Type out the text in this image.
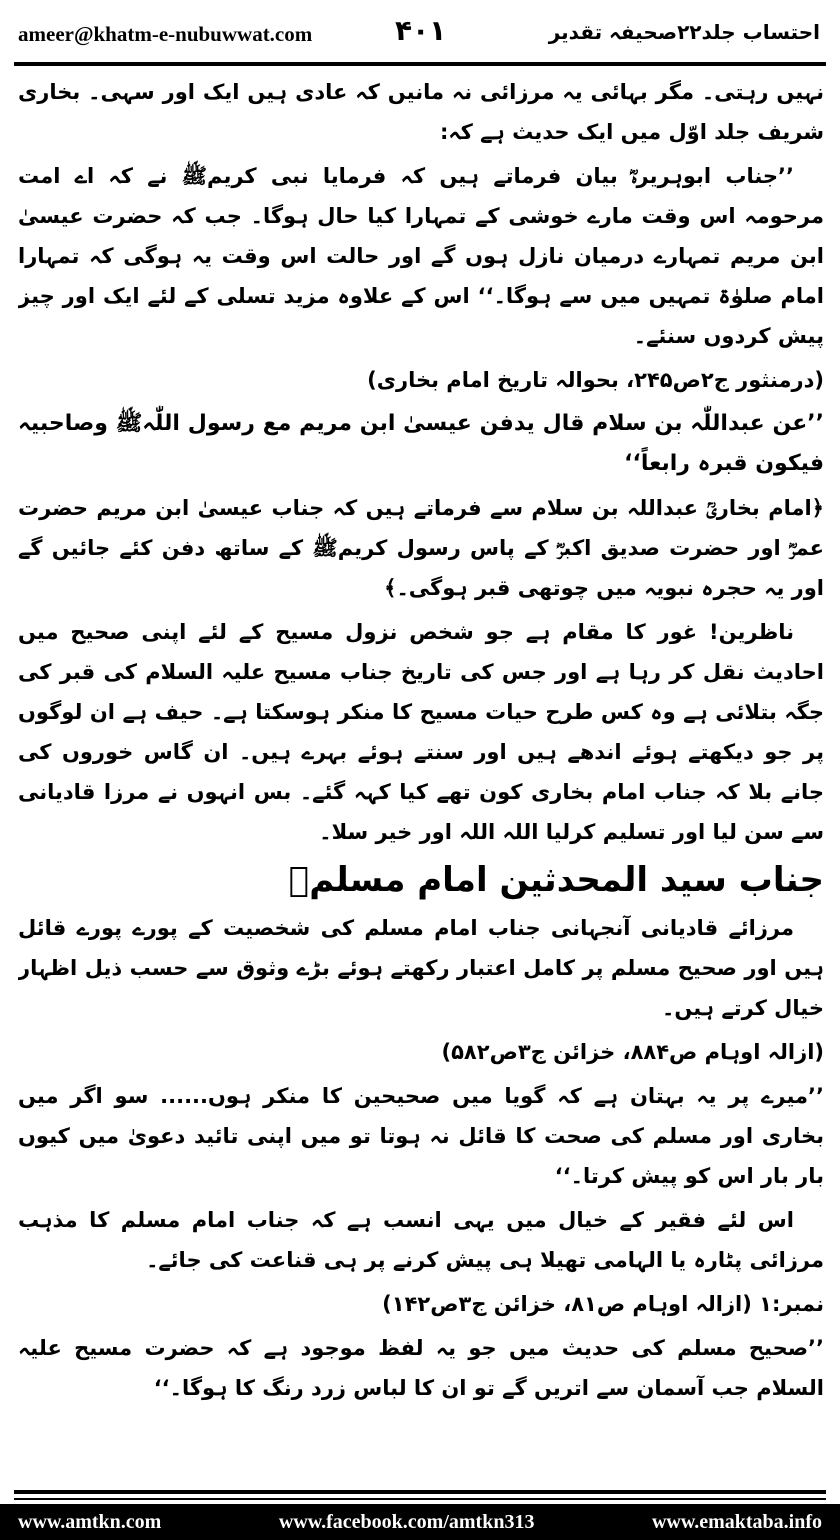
ameer@khatm-e-nubuwwat.com	۴۰۱	احتساب جلد۲۲صحیفہ تقدیر

نہیں رہتی۔ مگر بہائی یہ مرزائی نہ مانیں کہ عادی ہیں ایک اور سہی۔ بخاری شریف جلد اوّل میں ایک حدیث ہے کہ:

’’جناب ابوہریرہؓ بیان فرماتے ہیں کہ فرمایا نبی کریمﷺ نے کہ اے امت مرحومہ اس وقت مارے خوشی کے تمہارا کیا حال ہوگا۔ جب کہ حضرت عیسیٰ ابن مریم تمہارے درمیان نازل ہوں گے اور حالت اس وقت یہ ہوگی کہ تمہارا امام صلوٰۃ تمہیں میں سے ہوگا۔‘‘ اس کے علاوہ مزید تسلی کے لئے ایک اور چیز پیش کردوں سنئے۔

(درمنثور ج۲ص۲۴۵، بحوالہ تاریخ امام بخاری)

’’عن عبداللّٰہ بن سلام قال یدفن عیسیٰ ابن مریم مع رسول اللّٰہﷺ وصاحبیہ فیکون قبرہ رابعاً‘‘

﴿امام بخاریؒ عبداللہ بن سلام سے فرماتے ہیں کہ جناب عیسیٰ ابن مریم حضرت عمرؓ اور حضرت صدیق اکبرؓ کے پاس رسول کریمﷺ کے ساتھ دفن کئے جائیں گے اور یہ حجرہ نبویہ میں چوتھی قبر ہوگی۔﴾

ناظرین! غور کا مقام ہے جو شخص نزول مسیح کے لئے اپنی صحیح میں احادیث نقل کر رہا ہے اور جس کی تاریخ جناب مسیح علیہ السلام کی قبر کی جگہ بتلائی ہے وہ کس طرح حیات مسیح کا منکر ہوسکتا ہے۔ حیف ہے ان لوگوں پر جو دیکھتے ہوئے اندھے ہیں اور سنتے ہوئے بہرے ہیں۔ ان گاس خوروں کی جانے بلا کہ جناب امام بخاری کون تھے کیا کہہ گئے۔ بس انہوں نے مرزا قادیانی سے سن لیا اور تسلیم کرلیا اللہ اللہ اور خیر سلا۔

جناب سید المحدثین امام مسلمؒ

مرزائے قادیانی آنجہانی جناب امام مسلم کی شخصیت کے پورے پورے قائل ہیں اور صحیح مسلم پر کامل اعتبار رکھتے ہوئے بڑے وثوق سے حسب ذیل اظہار خیال کرتے ہیں۔

(ازالہ اوہام ص۸۸۴، خزائن ج۳ص۵۸۲)

’’میرے پر یہ بہتان ہے کہ گویا میں صحیحین کا منکر ہوں...... سو اگر میں بخاری اور مسلم کی صحت کا قائل نہ ہوتا تو میں اپنی تائید دعویٰ میں کیوں بار بار اس کو پیش کرتا۔‘‘

اس لئے فقیر کے خیال میں یہی انسب ہے کہ جناب امام مسلم کا مذہب مرزائی پٹارہ یا الہامی تھیلا ہی پیش کرنے پر ہی قناعت کی جائے۔

نمبر:۱ (ازالہ اوہام ص۸۱، خزائن ج۳ص۱۴۲)

’’صحیح مسلم کی حدیث میں جو یہ لفظ موجود ہے کہ حضرت مسیح علیہ السلام جب آسمان سے اتریں گے تو ان کا لباس زرد رنگ کا ہوگا۔‘‘

www.amtkn.com	www.facebook.com/amtkn313	www.emaktaba.info
